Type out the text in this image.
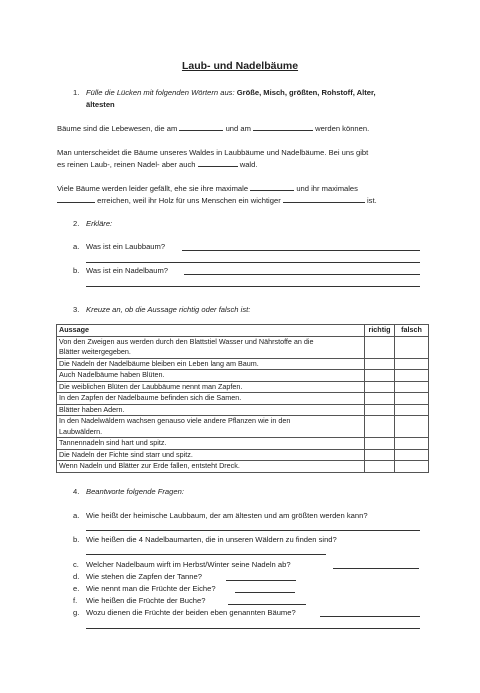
Laub- und Nadelbäume
1. Fülle die Lücken mit folgenden Wörtern aus: Größe, Misch, größten, Rohstoff, Alter,
ältesten
Bäume sind die Lebewesen, die am	und am	werden können.
Man unterscheidet die Bäume unseres Waldes in Laubbäume und Nadelbäume. Bei uns gibt
es reinen Laub-, reinen Nadel- aber auch	wald.
Viele Bäume werden leider gefällt, ehe sie ihre maximale	und ihr maximales
erreichen, weil ihr Holz für uns Menschen ein wichtiger	ist.
2. Erkläre:
a. Was ist ein Laubbaum?
b. Was ist ein Nadelbaum?
3. Kreuze an, ob die Aussage richtig oder falsch ist:
Aussage	richtig	falsch
Von den Zweigen aus werden durch den Blattstiel Wasser und Nährstoffe an die
Blätter weitergegeben.		
Die Nadeln der Nadelbäume bleiben ein Leben lang am Baum.		
Auch Nadelbäume haben Blüten.		
Die weiblichen Blüten der Laubbäume nennt man Zapfen.		
In den Zapfen der Nadelbaume befinden sich die Samen.		
Blätter haben Adern.		
In den Nadelwäldern wachsen genauso viele andere Pflanzen wie in den
Laubwäldern.		
Tannennadeln sind hart und spitz.		
Die Nadeln der Fichte sind starr und spitz.		
Wenn Nadeln und Blätter zur Erde fallen, entsteht Dreck.		
4. Beantworte folgende Fragen:
a. Wie heißt der heimische Laubbaum, der am ältesten und am größten werden kann?
b. Wie heißen die 4 Nadelbaumarten, die in unseren Wäldern zu finden sind?
c. Welcher Nadelbaum wirft im Herbst/Winter seine Nadeln ab?
d. Wie stehen die Zapfen der Tanne?
e. Wie nennt man die Früchte der Eiche?
f. Wie heißen die Früchte der Buche?
g. Wozu dienen die Früchte der beiden eben genannten Bäume?
